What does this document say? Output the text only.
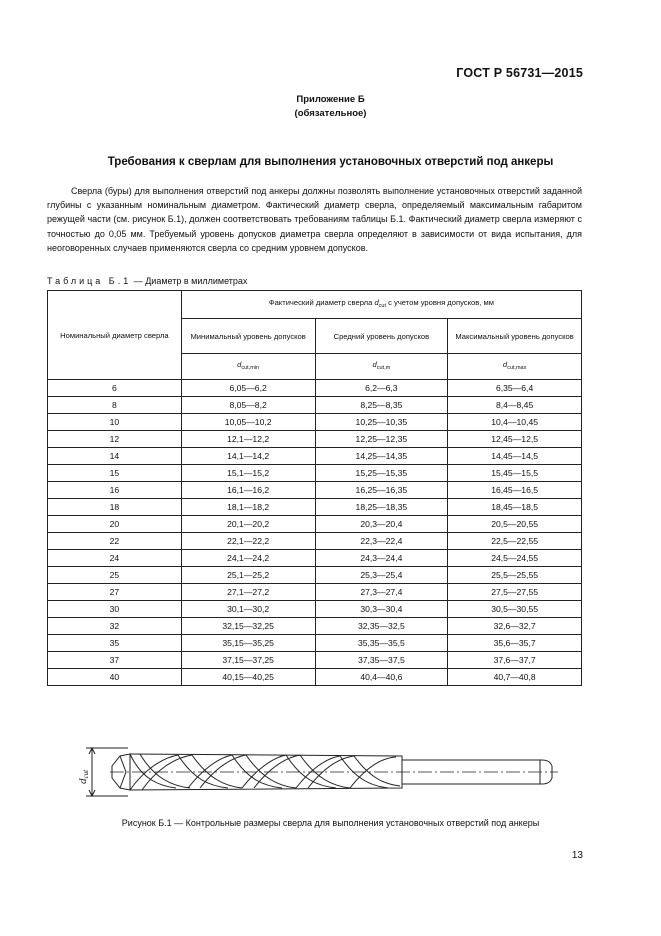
ГОСТ Р 56731—2015
Приложение Б
(обязательное)
Требования к сверлам для выполнения установочных отверстий под анкеры
Сверла (буры) для выполнения отверстий под анкеры должны позволять выполнение установочных отверстий заданной глубины с указанным номинальным диаметром. Фактический диаметр сверла, определяемый максимальным габаритом режущей части (см. рисунок Б.1), должен соответствовать требованиям таблицы Б.1. Фактический диаметр сверла измеряют с точностью до 0,05 мм. Требуемый уровень допусков диаметра сверла определяют в зависимости от вида испытания, для неоговоренных случаев применяются сверла со средним уровнем допусков.
Таблица Б.1 — Диаметр в миллиметрах
Номинальный диаметр сверла	Фактический диаметр сверла $d_{cut}$ с учетом уровня допусков, мм		
	Минимальный уровень допусков	Средний уровень допусков	Максимальный уровень допусков
	$d_{cut,min}$	$d_{cut,m}$	$d_{cut,max}$
6	6,05—6,2	6,2—6,3	6,35—6,4
8	8,05—8,2	8,25—8,35	8,4—8,45
10	10,05—10,2	10,25—10,35	10,4—10,45
12	12,1—12,2	12,25—12,35	12,45—12,5
14	14,1—14,2	14,25—14,35	14,45—14,5
15	15,1—15,2	15,25—15,35	15,45—15,5
16	16,1—16,2	16,25—16,35	16,45—16,5
18	18,1—18,2	18,25—18,35	18,45—18,5
20	20,1—20,2	20,3—20,4	20,5—20,55
22	22,1—22,2	22,3—22,4	22,5—22,55
24	24,1—24,2	24,3—24,4	24,5—24,55
25	25,1—25,2	25,3—25,4	25,5—25,55
27	27,1—27,2	27,3—27,4	27,5—27,55
30	30,1—30,2	30,3—30,4	30,5—30,55
32	32,15—32,25	32,35—32,5	32,6—32,7
35	35,15—35,25	35,35—35,5	35,6—35,7
37	37,15—37,25	37,35—37,5	37,6—37,7
40	40,15—40,25	40,4—40,6	40,7—40,8
dcut
Рисунок Б.1 — Контрольные размеры сверла для выполнения установочных отверстий под анкеры
13
